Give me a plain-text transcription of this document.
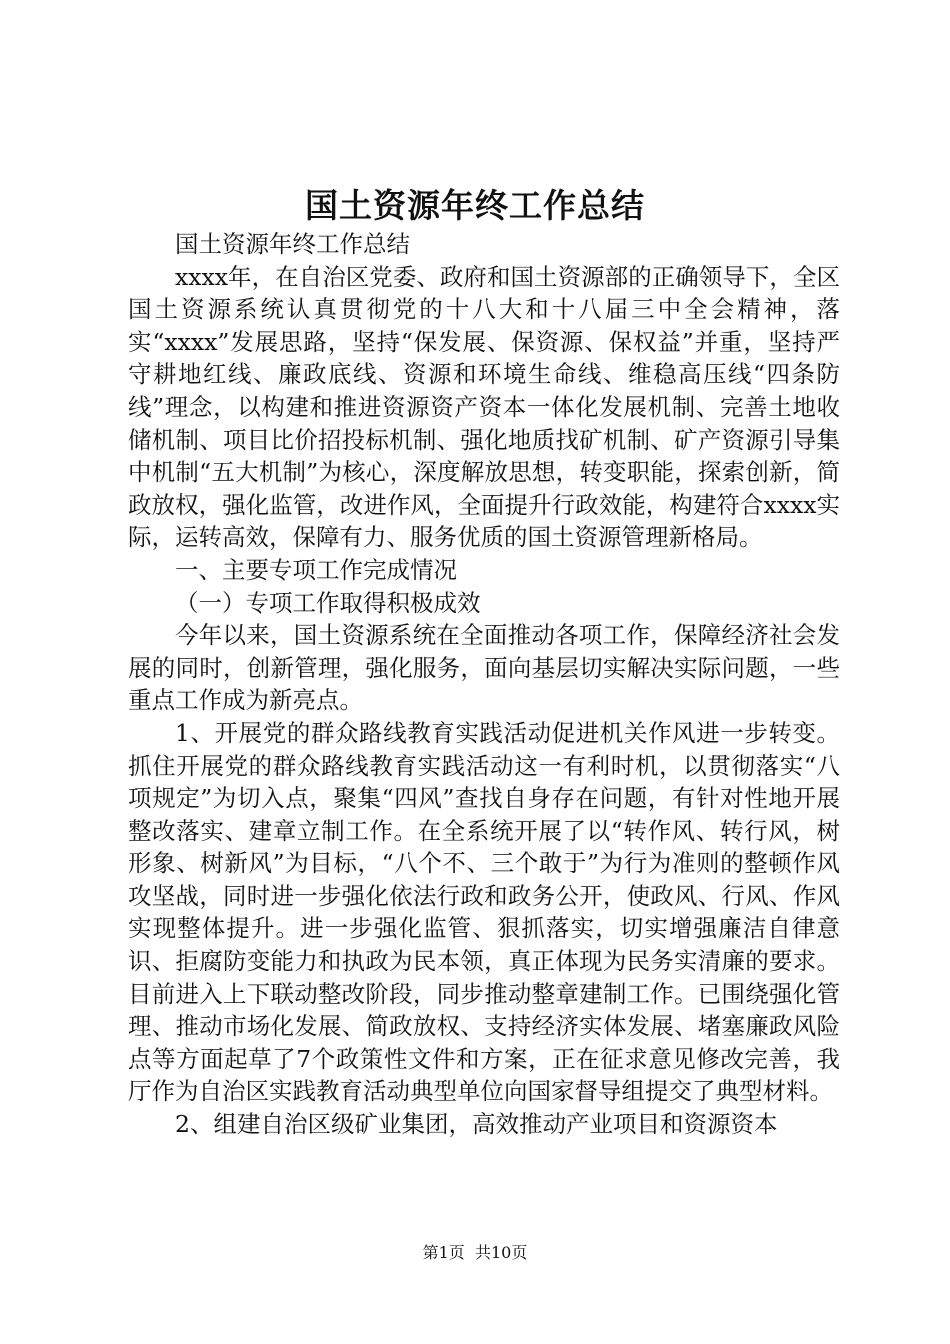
国土资源年终工作总结

国土资源年终工作总结

xxxx年，在自治区党委、政府和国土资源部的正确领导下，全区国土资源系统认真贯彻党的十八大和十八届三中全会精神，落实“xxxx”发展思路，坚持“保发展、保资源、保权益”并重，坚持严守耕地红线、廉政底线、资源和环境生命线、维稳高压线“四条防线”理念，以构建和推进资源资产资本一体化发展机制、完善土地收储机制、项目比价招投标机制、强化地质找矿机制、矿产资源引导集中机制“五大机制”为核心，深度解放思想，转变职能，探索创新，简政放权，强化监管，改进作风，全面提升行政效能，构建符合xxxx实际，运转高效，保障有力、服务优质的国土资源管理新格局。

一、主要专项工作完成情况

（一）专项工作取得积极成效

今年以来，国土资源系统在全面推动各项工作，保障经济社会发展的同时，创新管理，强化服务，面向基层切实解决实际问题，一些重点工作成为新亮点。

1、开展党的群众路线教育实践活动促进机关作风进一步转变。抓住开展党的群众路线教育实践活动这一有利时机，以贯彻落实“八项规定”为切入点，聚集“四风”查找自身存在问题，有针对性地开展整改落实、建章立制工作。在全系统开展了以“转作风、转行风，树形象、树新风”为目标，“八个不、三个敢于”为行为准则的整顿作风攻坚战，同时进一步强化依法行政和政务公开，使政风、行风、作风实现整体提升。进一步强化监管、狠抓落实，切实增强廉洁自律意识、拒腐防变能力和执政为民本领，真正体现为民务实清廉的要求。目前进入上下联动整改阶段，同步推动整章建制工作。已围绕强化管理、推动市场化发展、简政放权、支持经济实体发展、堵塞廉政风险点等方面起草了7个政策性文件和方案，正在征求意见修改完善，我厅作为自治区实践教育活动典型单位向国家督导组提交了典型材料。

2、组建自治区级矿业集团，高效推动产业项目和资源资本

第1页 共10页
